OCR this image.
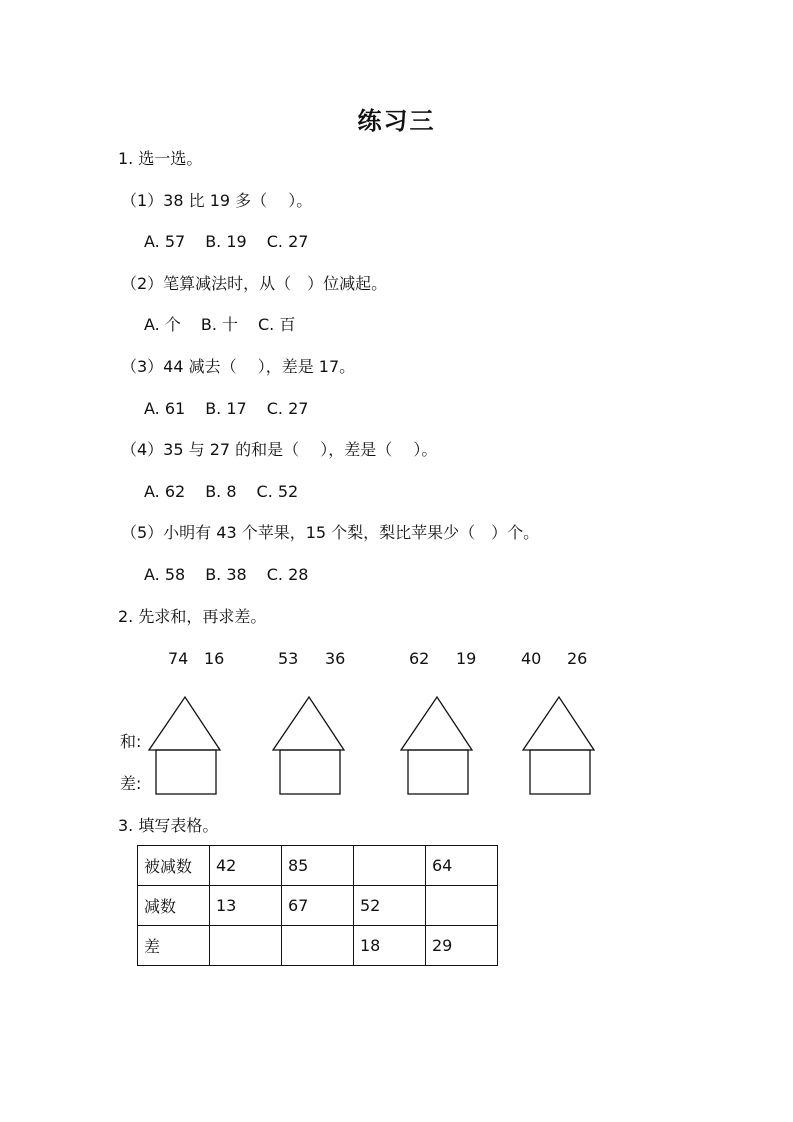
练习三
1. 选一选。
（1）38 比 19 多（　 ）。
A. 57 B. 19 C. 27
（2）笔算减法时，从（　）位减起。
A. 个 B. 十 C. 百
（3）44 减去（　 ），差是 17。
A. 61 B. 17 C. 27
（4）35 与 27 的和是（　 ），差是（　 ）。
A. 62 B. 8 C. 52
（5）小明有 43 个苹果，15 个梨，梨比苹果少（　）个。
A. 58 B. 38 C. 28
2. 先求和，再求差。
74 16	53 36	62 19	40 26
和:
差:
3. 填写表格。
被减数	42	85		64
减数	13	67	52	
差			18	29
